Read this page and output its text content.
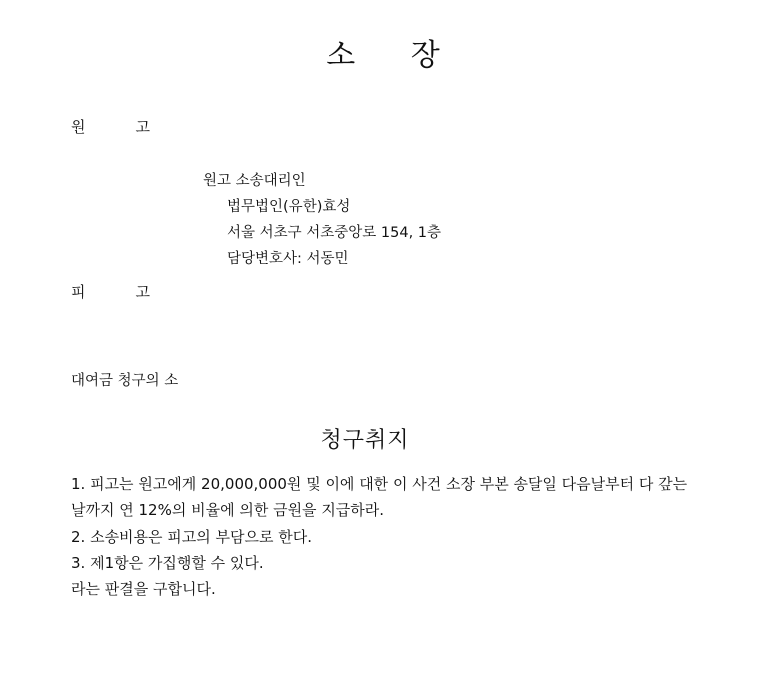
소 장
원	고
원고 소송대리인
법무법인(유한)효성
서울 서초구 서초중앙로 154, 1층
담당변호사: 서동민
피	고
대여금 청구의 소
청구취지
1. 피고는 원고에게 20,000,000원 및 이에 대한 이 사건 소장 부본 송달일 다음날부터 다 갚는
날까지 연 12%의 비율에 의한 금원을 지급하라.
2. 소송비용은 피고의 부담으로 한다.
3. 제1항은 가집행할 수 있다.
라는 판결을 구합니다.
